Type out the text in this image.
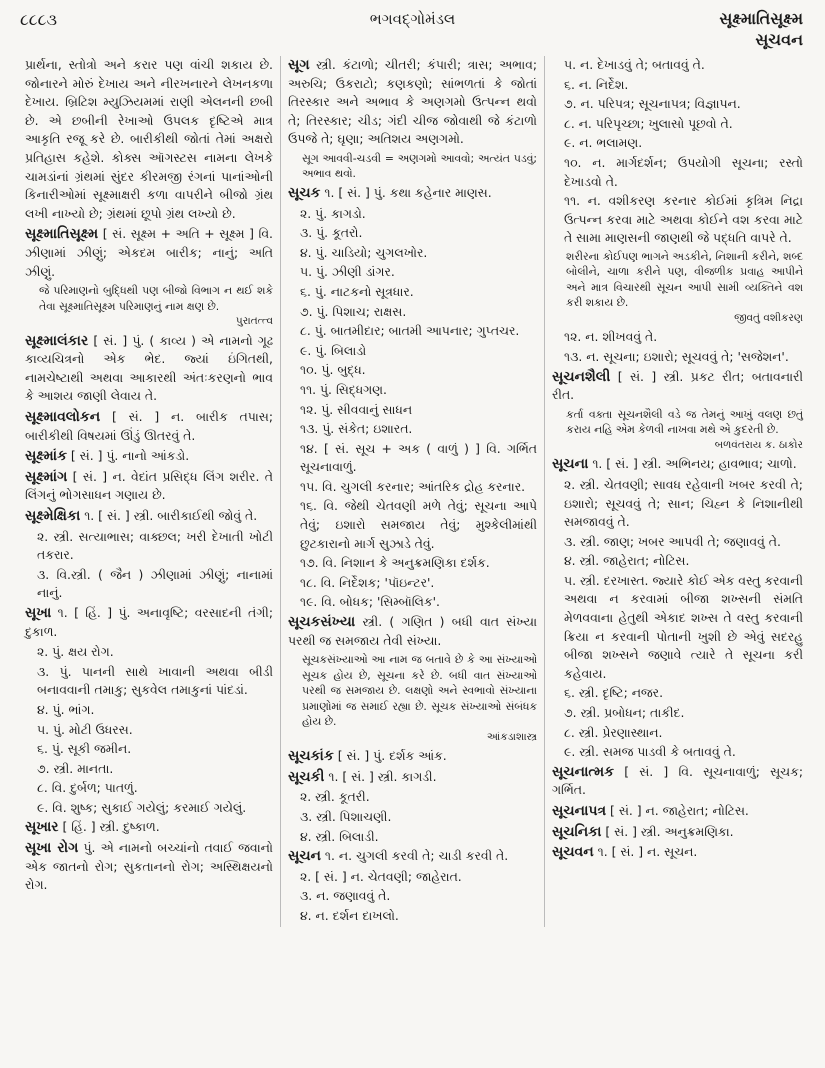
૮૮૮૩	ભગવદ્ગોમંડલ	સૂક્ષ્માતિસૂક્ષ્મ
સૂચવન
પ્રાર્થના, સ્તોત્રો અને કરાર પણ વાંચી શકાય છે. જોનારને મોરું દેખાય અને નીરખનારને લેખનકળા દેખાય. બ્રિટિશ મ્યુઝિયમમાં રાણી એલનની છબી છે. એ છબીની રેખાઓ ઉપલક દૃષ્ટિએ માત્ર આકૃતિ રજૂ કરે છે. બારીકીથી જોતાં તેમાં અક્ષરો પ્રતિહાસ કહેશે. કોક્સ ઑગસ્ટસ નામના લેખકે ચામડાંનાં ગ્રંથમાં સુંદર કીરમજી રંગનાં પાનાંઓની કિનારીઓમાં સૂક્ષ્માક્ષરી કળા વાપરીને બીજો ગ્રંથ લખી નાખ્યો છે; ગ્રંથમાં છૂપો ગ્રંથ લખ્યો છે.
સૂક્ષ્માતિસૂક્ષ્મ [ સં. સૂક્ષ્મ + અતિ + સૂક્ષ્મ ] વિ. ઝીણામાં ઝીણું; એકદમ બારીક; નાનું; અતિ ઝીણું.
જે પરિમાણનો બુદ્ધિથી પણ બીજો વિભાગ ન થઈ શકે તેવા સૂક્ષ્માતિસૂક્ષ્મ પરિમાણનું નામ ક્ષણ છે.
પુરાતત્ત્વ
સૂક્ષ્માલંકાર [ સં. ] પું. ( કાવ્ય ) એ નામનો ગૂઢ કાવ્યચિત્રનો એક ભેદ. જ્યાં ઇંગિતથી, નામચેષ્ટાથી અથવા આકારથી અંતઃકરણનો ભાવ કે આશય જાણી લેવાય તે.
સૂક્ષ્માવલોકન [ સં. ] ન. બારીક તપાસ; બારીકીથી વિષયમાં ઊંડું ઊતરવું તે.
સૂક્ષ્માંક [ સં. ] પું. નાનો આંકડો.
સૂક્ષ્માંગ [ સં. ] ન. વેદાંત પ્રસિદ્ધ લિંગ શરીર. તે લિંગનું ભોગસાધન ગણાય છે.
સૂક્ષ્મેક્ષિકા ૧. [ સં. ] સ્ત્રી. બારીકાઈથી જોવું તે.
૨. સ્ત્રી. સત્યાભાસ; વાક્છલ; ખરી દેખાતી ખોટી તકરાર.
૩. વિ.સ્ત્રી. ( જૈન ) ઝીણામાં ઝીણું; નાનામાં નાનું.
સૂખા ૧. [ હિં. ] પું. અનાવૃષ્ટિ; વરસાદની તંગી; દુકાળ.
૨. પું. ક્ષય રોગ.
૩. પું. પાનની સાથે ખાવાની અથવા બીડી બનાવવાની તમાકુ; સુકવેલ તમાકુનાં પાંદડાં.
૪. પું. ભાંગ.
૫. પું. મોટી ઉધરસ.
૬. પું. સૂકી જમીન.
૭. સ્ત્રી. માનતા.
૮. વિ. દુર્બળ; પાતળું.
૯. વિ. શુષ્ક; સુકાઈ ગયેલું; કરમાઈ ગયેલું.
સૂખાર [ હિં. ] સ્ત્રી. દુષ્કાળ.
સૂખા રોગ પું. એ નામનો બચ્ચાંનો તવાઈ જવાનો એક જાતનો રોગ; સુકતાનનો રોગ; અસ્થિક્ષયનો રોગ.
સૂગ સ્ત્રી. કંટાળો; ચીતરી; કંપારી; ત્રાસ; અભાવ; અરુચિ; ઉકરાટો; કણકણો; સાંભળતાં કે જોતાં તિરસ્કાર અને અભાવ કે અણગમો ઉત્પન્ન થવો તે; તિરસ્કાર; ચીડ; ગંદી ચીજ જોવાથી જે કંટાળો ઉપજે તે; ઘૃણા; અતિશય અણગમો.
સૂગ આવવી-ચડવી = અણગમો આવવો; અત્યંત પડવું; અભાવ થવો.
સૂચક ૧. [ સં. ] પું. કથા કહેનાર માણસ.
૨. પું. કાગડો.
૩. પું. કૂતરો.
૪. પું. ચાડિયો; ચુગલખોર.
૫. પું. ઝીણી ડાંગર.
૬. પું. નાટકનો સૂત્રધાર.
૭. પું. પિશાચ; રાક્ષસ.
૮. પું. બાતમીદાર; બાતમી આપનાર; ગુપ્તચર.
૯. પું. બિલાડો
૧૦. પું. બુદ્ધ.
૧૧. પું. સિદ્ધગણ.
૧૨. પું. સીવવાનું સાધન
૧૩. પું. સંકેત; ઇશારત.
૧૪. [ સં. સૂચ + અક ( વાળું ) ] વિ. ગર્ભિત સૂચનાવાળું.
૧૫. વિ. ચુગલી કરનાર; આંતરિક દ્રોહ કરનાર.
૧૬. વિ. જેથી ચેતવણી મળે તેવું; સૂચના આપે તેવું; ઇશારો સમજાય તેવું; મુશ્કેલીમાંથી છુટકારાનો માર્ગ સુઝાડે તેવું.
૧૭. વિ. નિશાન કે અનુક્રમણિકા દર્શક.
૧૮. વિ. નિર્દેશક; 'પૉઇન્ટર'.
૧૯. વિ. બોધક; 'સિમ્બૉલિક'.
સૂચકસંખ્યા સ્ત્રી. ( ગણિત ) બધી વાત સંખ્યા પરથી જ સમજાય તેવી સંખ્યા.
સૂચકસંખ્યાઓ આ નામ જ બતાવે છે કે આ સંખ્યાઓ સૂચક હોય છે, સૂચના કરે છે. બધી વાત સંખ્યાઓ પરથી જ સમજાય છે. લક્ષણો અને સ્વભાવો સંખ્યાના પ્રમાણોમાં જ સમાઈ રહ્યા છે. સૂચક સંખ્યાઓ સંબંધક હોય છે.
આંકડાશાસ્ત્ર
સૂચકાંક [ સં. ] પું. દર્શક આંક.
સૂચકી ૧. [ સં. ] સ્ત્રી. કાગડી.
૨. સ્ત્રી. કૂતરી.
૩. સ્ત્રી. પિશાચણી.
૪. સ્ત્રી. બિલાડી.
સૂચન ૧. ન. ચુગલી કરવી તે; ચાડી કરવી તે.
૨. [ સં. ] ન. ચેતવણી; જાહેરાત.
૩. ન. જણાવવું તે.
૪. ન. દર્શન દાખલો.
૫. ન. દેખાડવું તે; બતાવવું તે.
૬. ન. નિર્દેશ.
૭. ન. પરિપત્ર; સૂચનાપત્ર; વિજ્ઞાપન.
૮. ન. પરિપૃચ્છા; ખુલાસો પૂછવો તે.
૯. ન. ભલામણ.
૧૦. ન. માર્ગદર્શન; ઉપયોગી સૂચના; રસ્તો દેખાડવો તે.
૧૧. ન. વશીકરણ કરનાર કોઈમાં કૃત્રિમ નિદ્રા ઉત્પન્ન કરવા માટે અથવા કોઈને વશ કરવા માટે તે સામા માણસની જાણથી જે પદ્ધતિ વાપરે તે.
શરીરના કોઈપણ ભાગને અડકીને, નિશાની કરીને, શબ્દ બોલીને, ચાળા કરીને પણ, વીજળીક પ્રવાહ આપીને અને માત્ર વિચારથી સૂચન આપી સામી વ્યક્તિને વશ કરી શકાય છે.
જીવતું વશીકરણ
૧૨. ન. શીખવવું તે.
૧૩. ન. સૂચના; ઇશારો; સૂચવવું તે; 'સજેશન'.
સૂચનશૈલી [ સં. ] સ્ત્રી. પ્રકટ રીત; બતાવનારી રીત.
કર્તા વક્તા સૂચનશૈલી વડે જ તેમનું આખું વલણ છતું કરાય નહિ એમ કેળવી નાખવા મથે એ કુદરતી છે.
બળવંતરાય ક. ઠાકોર
સૂચના ૧. [ સં. ] સ્ત્રી. અભિનય; હાવભાવ; ચાળો.
૨. સ્ત્રી. ચેતવણી; સાવધ રહેવાની ખબર કરવી તે; ઇશારો; સૂચવવું તે; સાન; ચિહ્ન કે નિશાનીથી સમજાવવું તે.
૩. સ્ત્રી. જાણ; ખબર આપવી તે; જણાવવું તે.
૪. સ્ત્રી. જાહેરાત; નોટિસ.
૫. સ્ત્રી. દરખાસ્ત. જ્યારે કોઈ એક વસ્તુ કરવાની અથવા ન કરવામાં બીજા શખ્સની સંમતિ મેળવવાના હેતુથી એકાદ શખ્સ તે વસ્તુ કરવાની ક્રિયા ન કરવાની પોતાની ખુશી છે એવું સદરહુ બીજા શખ્સને જણાવે ત્યારે તે સૂચના કરી કહેવાય.
૬. સ્ત્રી. દૃષ્ટિ; નજર.
૭. સ્ત્રી. પ્રબોધન; તાકીદ.
૮. સ્ત્રી. પ્રેરણાસ્થાન.
૯. સ્ત્રી. સમજ પાડવી કે બતાવવું તે.
સૂચનાત્મક [ સં. ] વિ. સૂચનાવાળું; સૂચક; ગર્ભિત.
સૂચનાપત્ર [ સં. ] ન. જાહેરાત; નોટિસ.
સૂચનિકા [ સં. ] સ્ત્રી. અનુક્રમણિકા.
સૂચવન ૧. [ સં. ] ન. સૂચન.
